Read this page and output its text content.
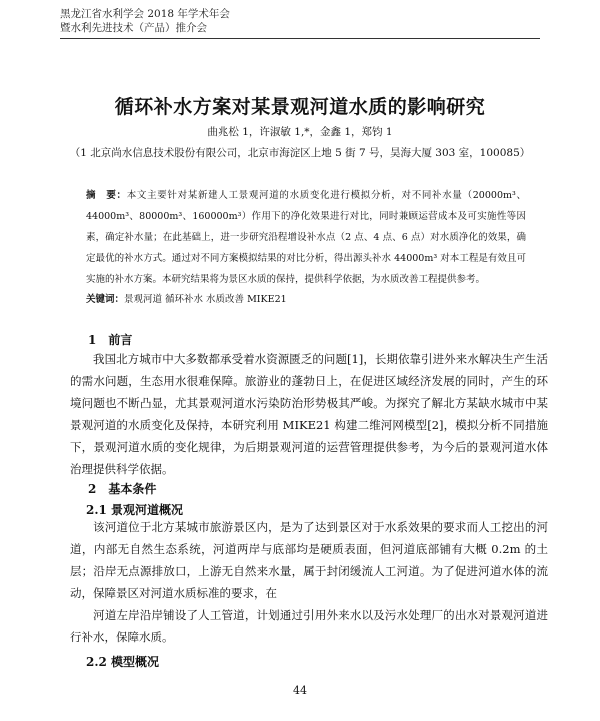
黑龙江省水利学会 2018 年学术年会
暨水利先进技术（产品）推介会
循环补水方案对某景观河道水质的影响研究
曲兆松 1，许淑敏 1,*，金鑫 1，郑钧 1
（1 北京尚水信息技术股份有限公司，北京市海淀区上地 5 街 7 号，昊海大厦 303 室，100085）
摘　要：本文主要针对某新建人工景观河道的水质变化进行模拟分析，对不同补水量（20000m³、44000m³、80000m³、160000m³）作用下的净化效果进行对比，同时兼顾运营成本及可实施性等因素，确定补水量；在此基础上，进一步研究沿程增设补水点（2 点、4 点、6 点）对水质净化的效果，确定最优的补水方式。通过对不同方案模拟结果的对比分析，得出源头补水 44000m³ 对本工程是有效且可实施的补水方案。本研究结果将为景区水质的保持，提供科学依据，为水质改善工程提供参考。
关键词：景观河道 循环补水 水质改善 MIKE21
1　前言
我国北方城市中大多数都承受着水资源匮乏的问题[1]，长期依靠引进外来水解决生产生活的需水问题，生态用水很难保障。旅游业的蓬勃日上，在促进区域经济发展的同时，产生的环境问题也不断凸显，尤其景观河道水污染防治形势极其严峻。为探究了解北方某缺水城市中某景观河道的水质变化及保持，本研究利用 MIKE21 构建二维河网模型[2]，模拟分析不同措施下，景观河道水质的变化规律，为后期景观河道的运营管理提供参考，为今后的景观河道水体治理提供科学依据。
2　基本条件
2.1 景观河道概况
该河道位于北方某城市旅游景区内，是为了达到景区对于水系效果的要求而人工挖出的河道，内部无自然生态系统，河道两岸与底部均是硬质表面，但河道底部铺有大概 0.2m 的土层；沿岸无点源排放口，上游无自然来水量，属于封闭缓流人工河道。为了促进河道水体的流动，保障景区对河道水质标准的要求，在
河道左岸沿岸铺设了人工管道，计划通过引用外来水以及污水处理厂的出水对景观河道进行补水，保障水质。
2.2 模型概况
44
